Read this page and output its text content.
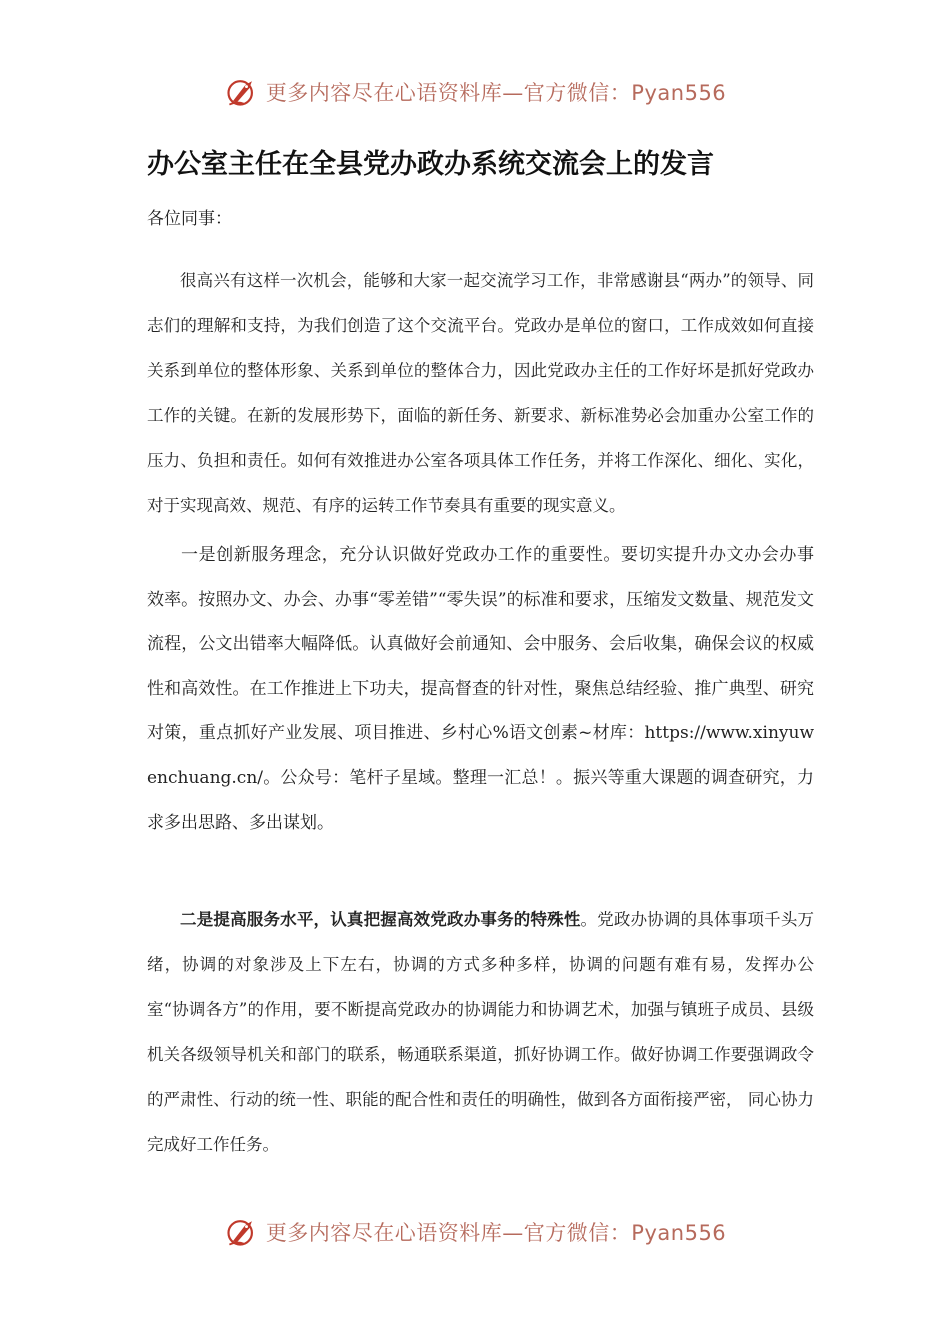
更多内容尽在心语资料库—官方微信：Pyan556
办公室主任在全县党办政办系统交流会上的发言
各位同事：

很高兴有这样一次机会，能够和大家一起交流学习工作，非常感谢县“两办”的领导、同志们的理解和支持，为我们创造了这个交流平台。党政办是单位的窗口，工作成效如何直接关系到单位的整体形象、关系到单位的整体合力，因此党政办主任的工作好坏是抓好党政办工作的关键。在新的发展形势下，面临的新任务、新要求、新标准势必会加重办公室工作的压力、负担和责任。如何有效推进办公室各项具体工作任务，并将工作深化、细化、实化，对于实现高效、规范、有序的运转工作节奏具有重要的现实意义。

一是创新服务理念，充分认识做好党政办工作的重要性。要切实提升办文办会办事 效率。按照办文、办会、办事“零差错”“零失误”的标准和要求，压缩发文数量、规范发文流程，公文出错率大幅降低。认真做好会前通知、会中服务、会后收集，确保会议的权威性和高效性。在工作推进上下功夫，提高督查的针对性，聚焦总结经验、推广典型、研究对策，重点抓好产业发展、项目推进、乡村心%语文创素~材库：https://www.xinyuwenchuang.cn/。公众号：笔杆子星域。整理一汇总！。振兴等重大课题的调查研究，力求多出思路、多出谋划。

二是提高服务水平，认真把握高效党政办事务的特殊性。党政办协调的具体事项千头万绪，协调的对象涉及上下左右，协调的方式多种多样，协调的问题有难有易，发挥办公室“协调各方”的作用，要不断提高党政办的协调能力和协调艺术，加强与镇班子成员、县级机关各级领导机关和部门的联系，畅通联系渠道，抓好协调工作。做好协调工作要强调政令的严肃性、行动的统一性、职能的配合性和责任的明确性，做到各方面衔接严密， 同心协力完成好工作任务。

更多内容尽在心语资料库—官方微信：Pyan556
